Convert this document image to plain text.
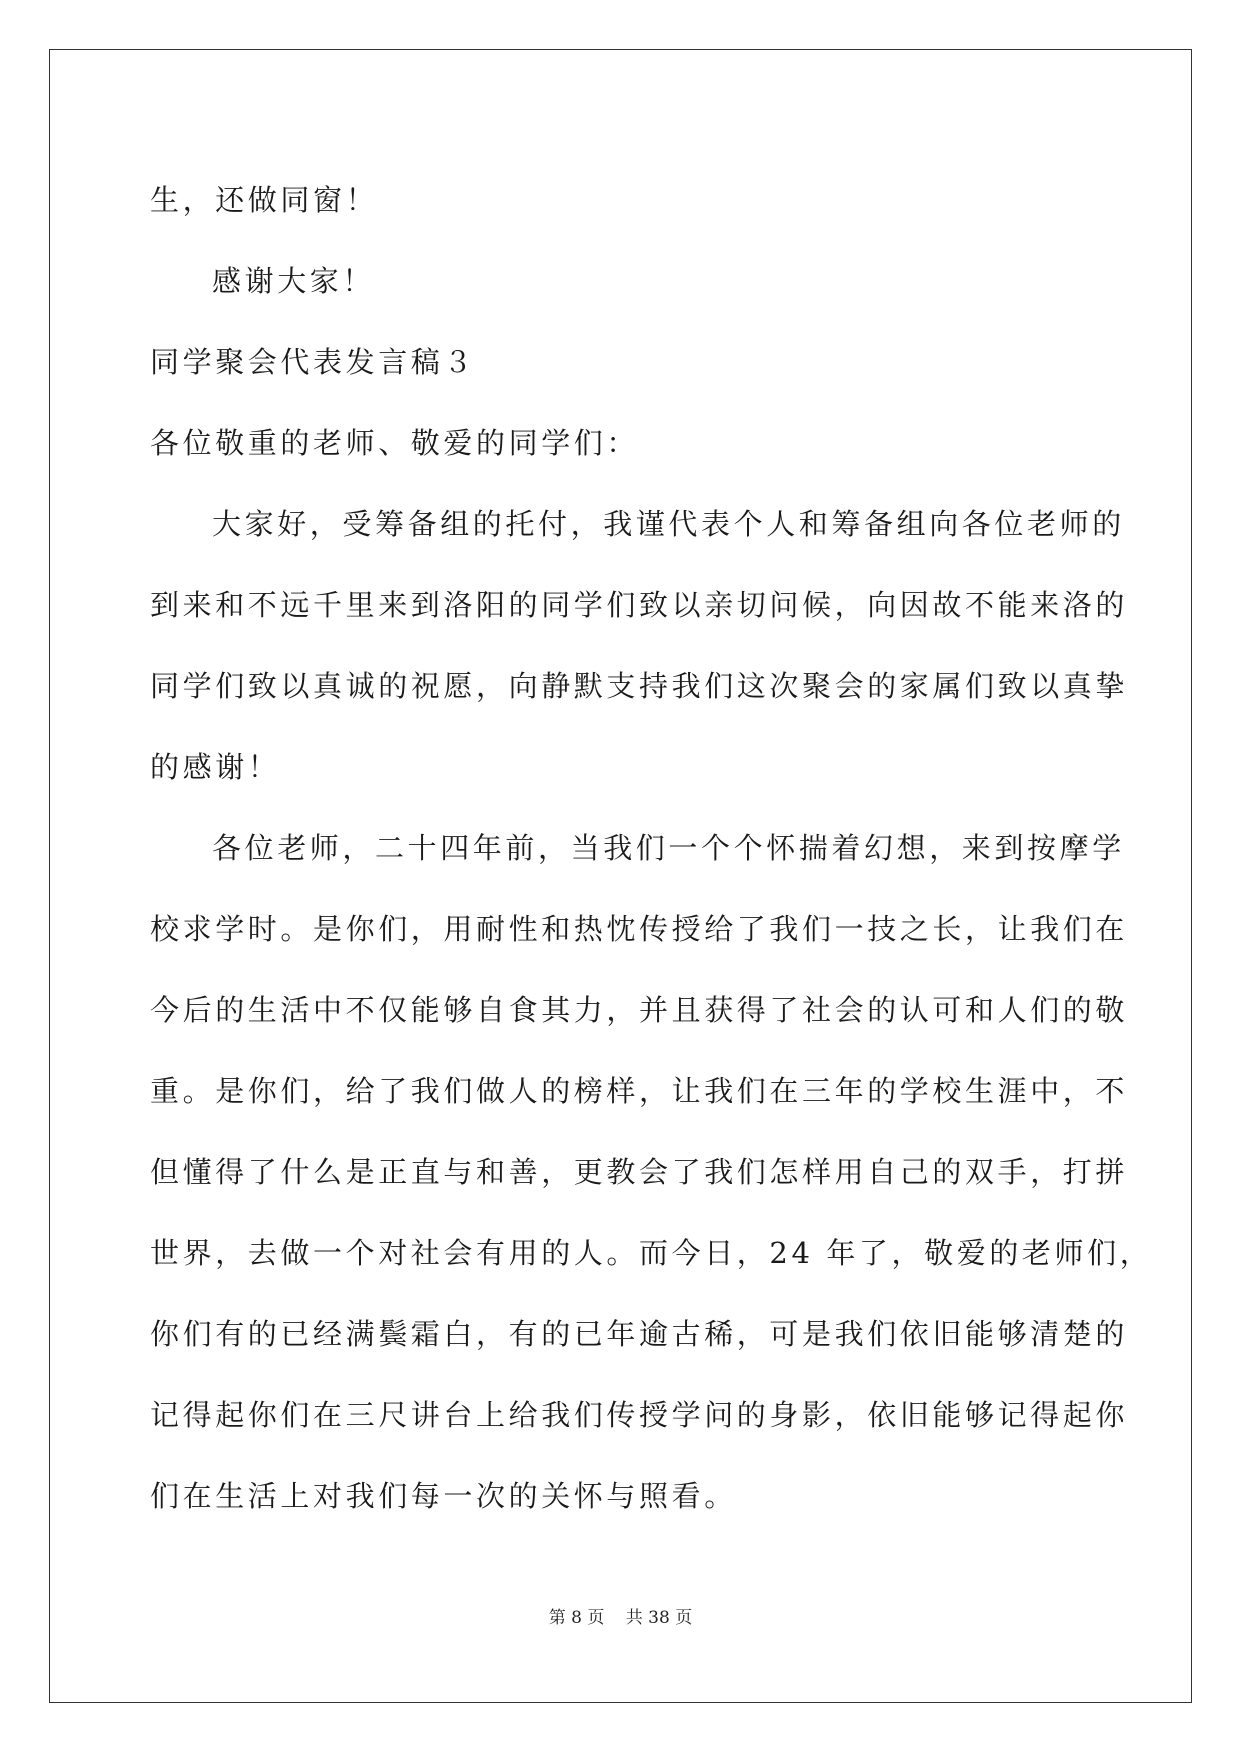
生，还做同窗！
感谢大家！
同学聚会代表发言稿３
各位敬重的老师、敬爱的同学们：
大家好，受筹备组的托付，我谨代表个人和筹备组向各位老师的
到来和不远千里来到洛阳的同学们致以亲切问候，向因故不能来洛的
同学们致以真诚的祝愿，向静默支持我们这次聚会的家属们致以真挚
的感谢！
各位老师，二十四年前，当我们一个个怀揣着幻想，来到按摩学
校求学时。是你们，用耐性和热忱传授给了我们一技之长，让我们在
今后的生活中不仅能够自食其力，并且获得了社会的认可和人们的敬
重。是你们，给了我们做人的榜样，让我们在三年的学校生涯中，不
但懂得了什么是正直与和善，更教会了我们怎样用自己的双手，打拼
世界，去做一个对社会有用的人。而今日，24 年了，敬爱的老师们，
你们有的已经满鬓霜白，有的已年逾古稀，可是我们依旧能够清楚的
记得起你们在三尺讲台上给我们传授学问的身影，依旧能够记得起你
们在生活上对我们每一次的关怀与照看。
第 8 页 共 38 页
